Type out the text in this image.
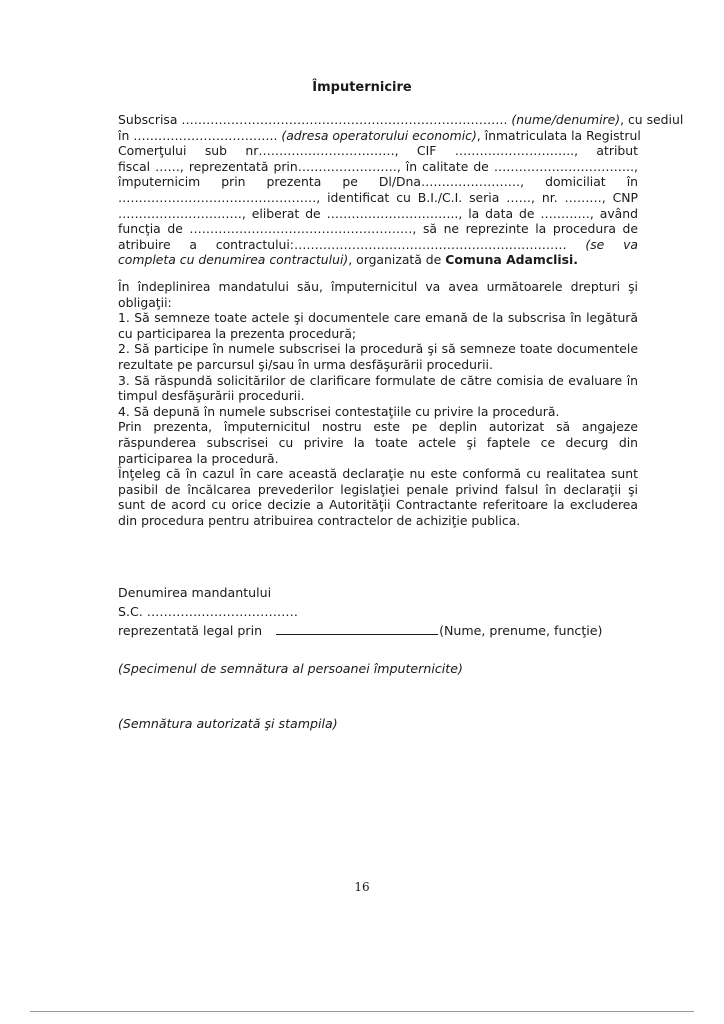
Împuternicire
Subscrisa ……………………………………………………………………. (nume/denumire), cu sediul
în …………………………….. (adresa operatorului economic), înmatriculata la Registrul
Comerţului sub nr……………………………, CIF ……………………….., atribut
fiscal ……, reprezentată prin……………………, în calitate de …………………………….,
împuternicim prin prezenta pe Dl/Dna……………………, domiciliat în
…………………………………………, identificat cu B.I./C.I. seria ……, nr. ………, CNP
…………………………, eliberat de ………………………….., la data de …………, având
funcţia de ………………………………………………, să ne reprezinte la procedura de
atribuire a contractului:………………………………………………………… (se va
completa cu denumirea contractului), organizată de Comuna Adamclisi.

În îndeplinirea mandatului său, împuternicitul va avea următoarele drepturi şi obligaţii:

1. Să semneze toate actele şi documentele care emană de la subscrisa în legătură cu participarea la prezenta procedură;

2. Să participe în numele subscrisei la procedură şi să semneze toate documentele rezultate pe parcursul şi/sau în urma desfăşurării procedurii.

3. Să răspundă solicitărilor de clarificare formulate de către comisia de evaluare în timpul desfăşurării procedurii.

4. Să depună în numele subscrisei contestaţiile cu privire la procedură.

Prin prezenta, împuternicitul nostru este pe deplin autorizat să angajeze răspunderea subscrisei cu privire la toate actele şi faptele ce decurg din participarea la procedură.

Înţeleg că în cazul în care această declaraţie nu este conformă cu realitatea sunt pasibil de încălcarea prevederilor legislaţiei penale privind falsul în declaraţii şi sunt de acord cu orice decizie a Autorităţii Contractante referitoare la excluderea din procedura pentru atribuirea contractelor de achiziţie publica.

Denumirea mandantului
S.C. ………………………………
reprezentată legal prin	(Nume, prenume, funcţie)
(Specimenul de semnătura al persoanei împuternicite)
(Semnătura autorizată şi stampila)
16
